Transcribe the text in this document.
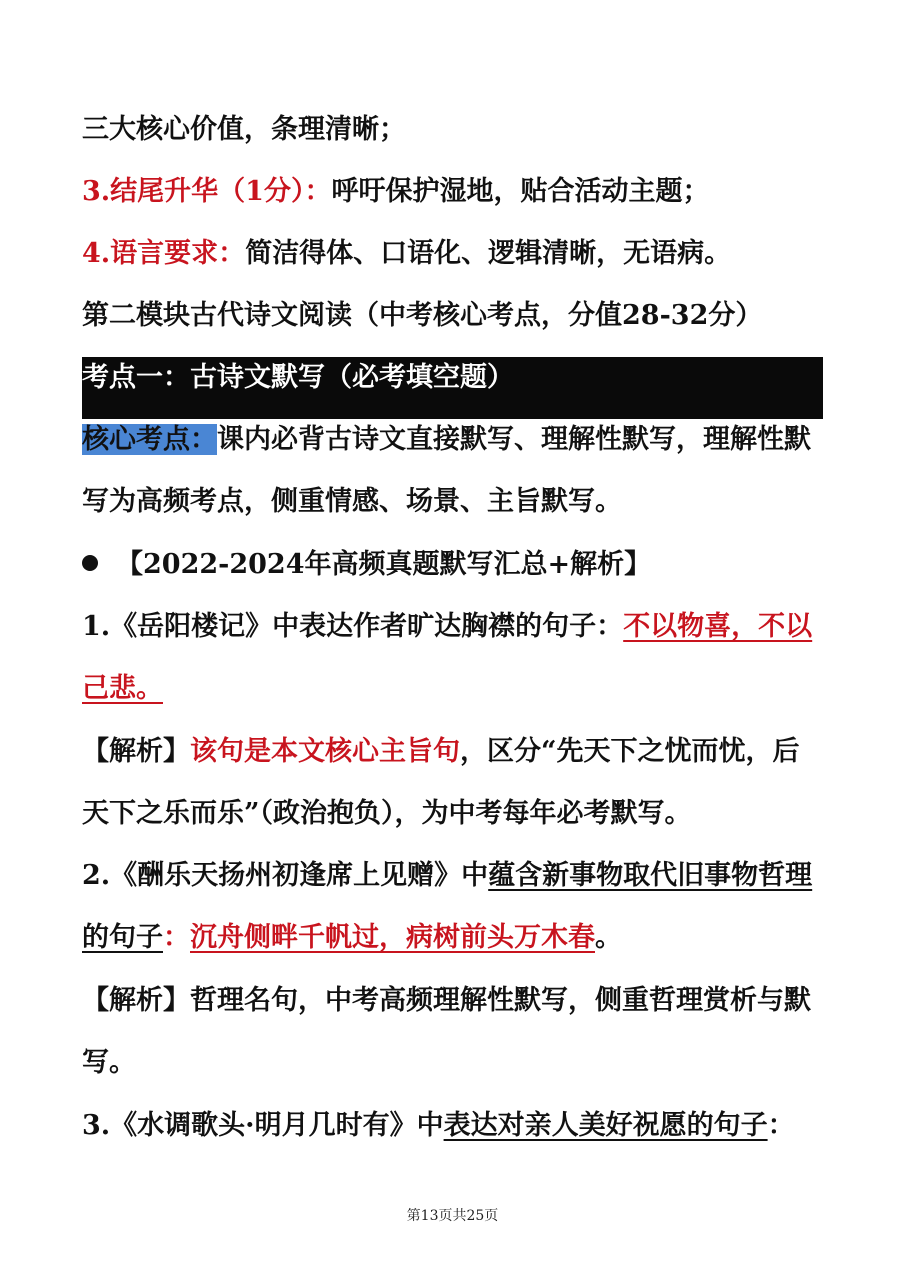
三大核心价值，条理清晰；
3.结尾升华（1分）：呼吁保护湿地，贴合活动主题；
4.语言要求：简洁得体、口语化、逻辑清晰，无语病。
第二模块古代诗文阅读（中考核心考点，分值28-32分）
考点一：古诗文默写（必考填空题）
核心考点：课内必背古诗文直接默写、理解性默写，理解性默
写为高频考点，侧重情感、场景、主旨默写。
【2022-2024年高频真题默写汇总+解析】
1.《岳阳楼记》中表达作者旷达胸襟的句子：不以物喜，不以
己悲。
【解析】该句是本文核心主旨句，区分“先天下之忧而忧，后
天下之乐而乐”（政治抱负），为中考每年必考默写。
2.《酬乐天扬州初逢席上见赠》中蕴含新事物取代旧事物哲理
的句子：沉舟侧畔千帆过，病树前头万木春。
【解析】哲理名句，中考高频理解性默写，侧重哲理赏析与默
写。
3.《水调歌头·明月几时有》中表达对亲人美好祝愿的句子：
第13页共25页
